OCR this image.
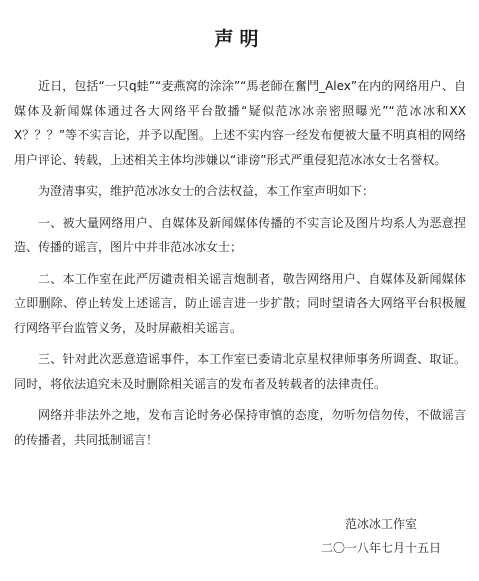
声明

近日，包括“一只q蛙”“麦燕窝的涂涂”“馬老師在奮鬥_Alex”在内的网络用户、自媒体及新闻媒体通过各大网络平台散播“疑似范冰冰亲密照曝光”“范冰冰和XXX？？？”等不实言论，并予以配图。上述不实内容一经发布便被大量不明真相的网络用户评论、转载，上述相关主体均涉嫌以“诽谤”形式严重侵犯范冰冰女士名誉权。

为澄清事实，维护范冰冰女士的合法权益，本工作室声明如下：

一、被大量网络用户、自媒体及新闻媒体传播的不实言论及图片均系人为恶意捏造、传播的谣言，图片中并非范冰冰女士；

二、本工作室在此严厉谴责相关谣言炮制者，敬告网络用户、自媒体及新闻媒体立即删除、停止转发上述谣言，防止谣言进一步扩散；同时望请各大网络平台积极履行网络平台监管义务，及时屏蔽相关谣言。

三、针对此次恶意造谣事件，本工作室已委请北京星权律师事务所调查、取证。同时，将依法追究未及时删除相关谣言的发布者及转载者的法律责任。

网络并非法外之地，发布言论时务必保持审慎的态度，勿听勿信勿传，不做谣言的传播者，共同抵制谣言！

范冰冰工作室
二〇一八年七月十五日
